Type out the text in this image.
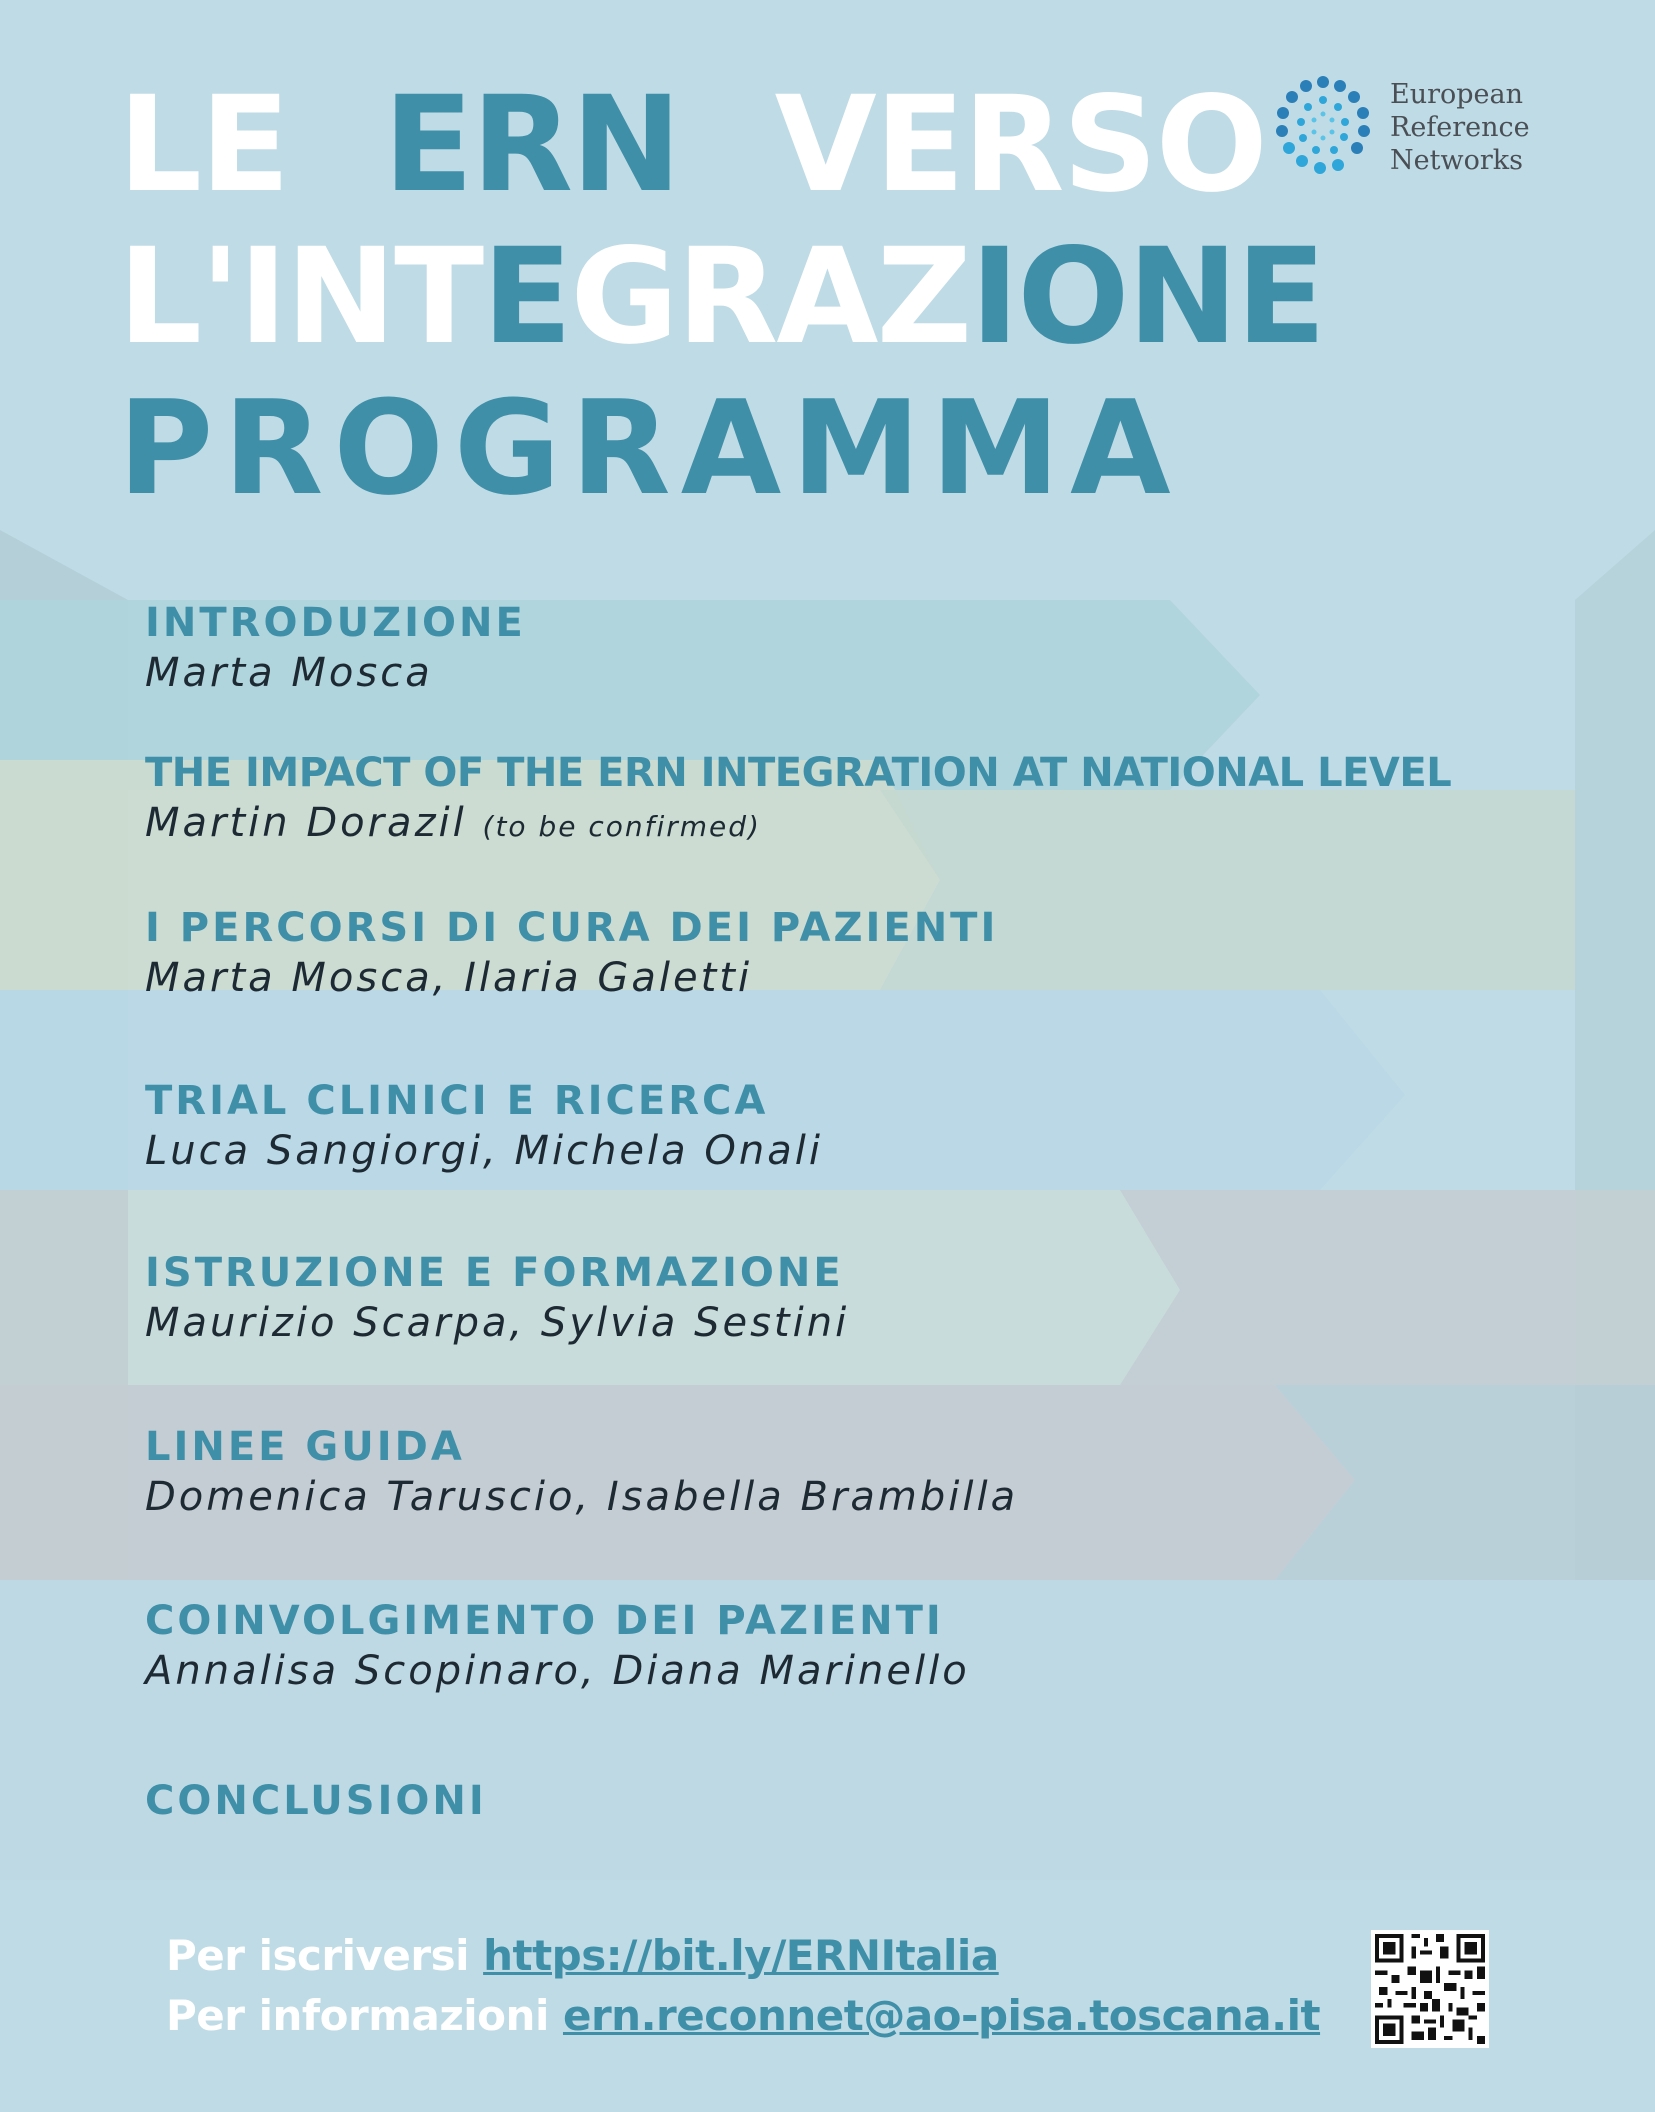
LE ERN VERSO
L'INTEGRAZIONE
PROGRAMMA
European
Reference
Networks
INTRODUZIONE
Marta Mosca
THE IMPACT OF THE ERN INTEGRATION AT NATIONAL LEVEL
Martin Dorazil (to be confirmed)
I PERCORSI DI CURA DEI PAZIENTI
Marta Mosca, Ilaria Galetti
TRIAL CLINICI E RICERCA
Luca Sangiorgi, Michela Onali
ISTRUZIONE E FORMAZIONE
Maurizio Scarpa, Sylvia Sestini
LINEE GUIDA
Domenica Taruscio, Isabella Brambilla
COINVOLGIMENTO DEI PAZIENTI
Annalisa Scopinaro, Diana Marinello
CONCLUSIONI
Per iscriversi https://bit.ly/ERNItalia
Per informazioni ern.reconnet@ao-pisa.toscana.it
